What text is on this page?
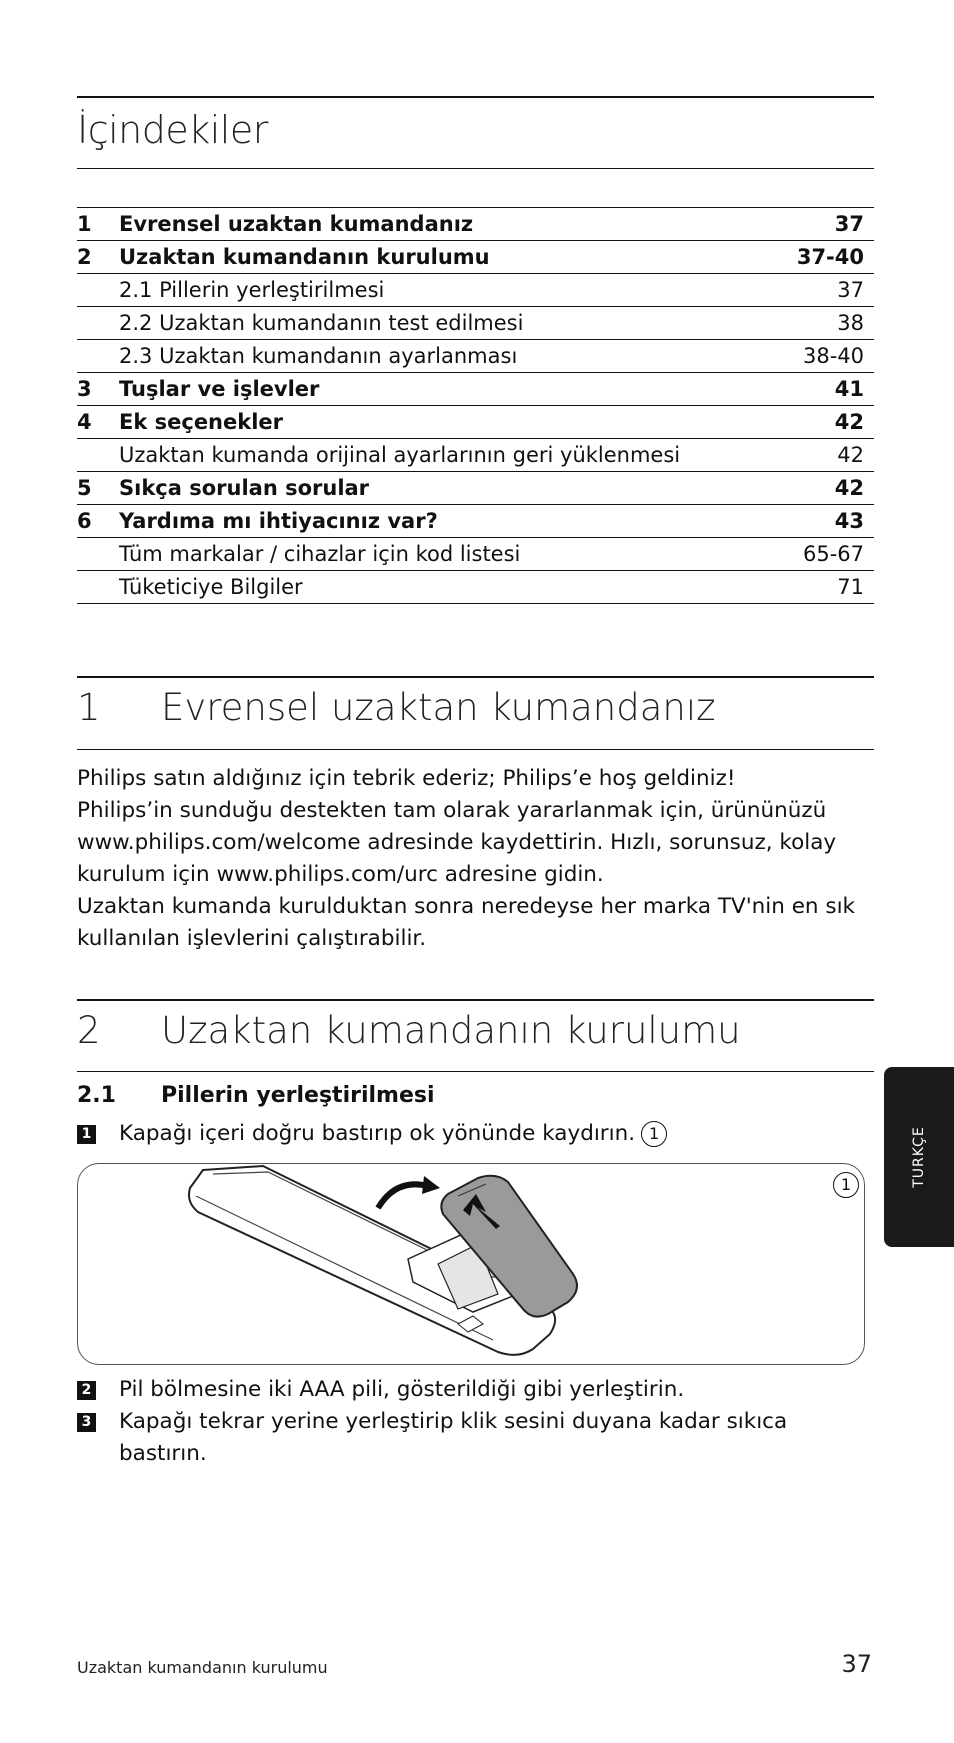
İçindekiler
1 Evrensel uzaktan kumandanız	37
2 Uzaktan kumandanın kurulumu	37-40
2.1 Pillerin yerleştirilmesi	37
2.2 Uzaktan kumandanın test edilmesi	38
2.3 Uzaktan kumandanın ayarlanması	38-40
3 Tuşlar ve işlevler	41
4 Ek seçenekler	42
Uzaktan kumanda orijinal ayarlarının geri yüklenmesi	42
5 Sıkça sorulan sorular	42
6 Yardıma mı ihtiyacınız var?	43
Tüm markalar / cihazlar için kod listesi	65-67
Tüketiciye Bilgiler	71
1 Evrensel uzaktan kumandanız

Philips satın aldığınız için tebrik ederiz; Philips’e hoş geldiniz!

Philips’in sunduğu destekten tam olarak yararlanmak için, ürününüzü www.philips.com/welcome adresinde kaydettirin. Hızlı, sorunsuz, kolay kurulum için www.philips.com/urc adresine gidin.

Uzaktan kumanda kurulduktan sonra neredeyse her marka TV'nin en sık kullanılan işlevlerini çalıştırabilir.

2 Uzaktan kumandanın kurulumu
2.1 Pillerin yerleştirilmesi
1	Kapağı içeri doğru bastırıp ok yönünde kaydırın. 1
1
2	Pil bölmesine iki AAA pili, gösterildiği gibi yerleştirin.
3	Kapağı tekrar yerine yerleştirip klik sesini duyana kadar sıkıca bastırın.
TURKÇE
Uzaktan kumandanın kurulumu	37
